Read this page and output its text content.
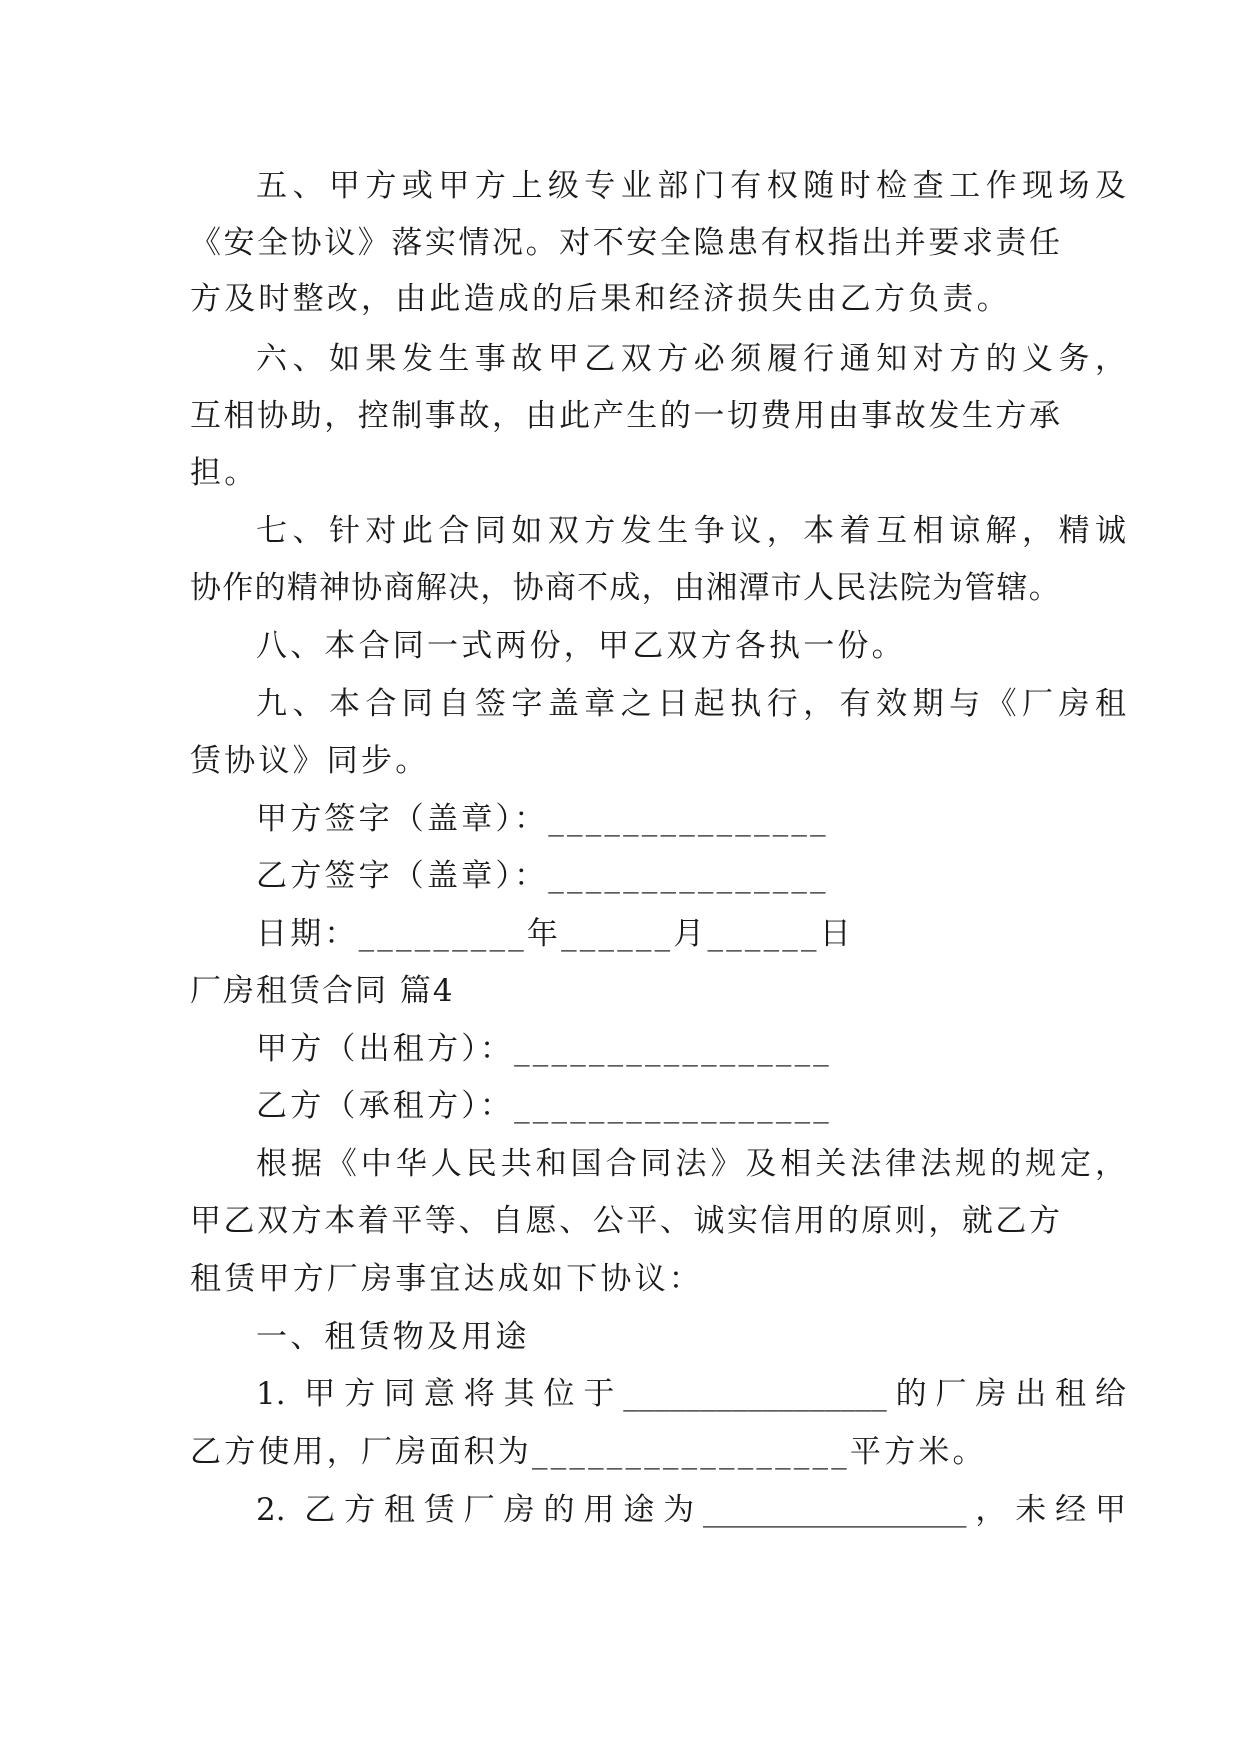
五、甲方或甲方上级专业部门有权随时检查工作现场及
《安全协议》落实情况。对不安全隐患有权指出并要求责任
方及时整改，由此造成的后果和经济损失由乙方负责。
六、如果发生事故甲乙双方必须履行通知对方的义务，
互相协助，控制事故，由此产生的一切费用由事故发生方承
担。
七、针对此合同如双方发生争议，本着互相谅解，精诚
协作的精神协商解决，协商不成，由湘潭市人民法院为管辖。
八、本合同一式两份，甲乙双方各执一份。
九、本合同自签字盖章之日起执行，有效期与《厂房租
赁协议》同步。
甲方签字（盖章）：_______________
乙方签字（盖章）：_______________
日期：_________年______月______日
厂房租赁合同 篇4
甲方（出租方）：_________________
乙方（承租方）：_________________
根据《中华人民共和国合同法》及相关法律法规的规定，
甲乙双方本着平等、自愿、公平、诚实信用的原则，就乙方
租赁甲方厂房事宜达成如下协议：
一、租赁物及用途
1. 甲方同意将其位于_________________的厂房出租给
乙方使用，厂房面积为_________________平方米。
2. 乙方租赁厂房的用途为_________________，未经甲
